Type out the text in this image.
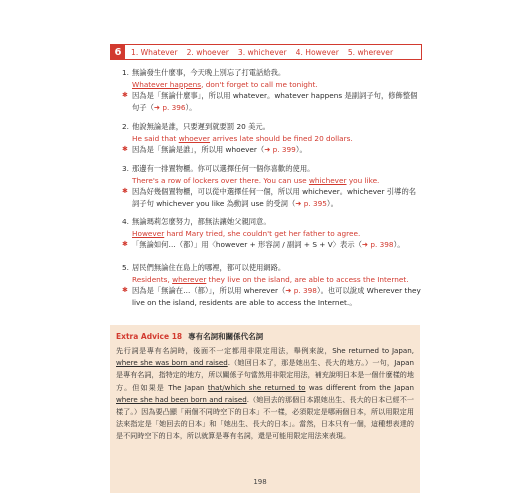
6	1. Whatever 2. whoever 3. whichever 4. However 5. wherever
1. 無論發生什麼事，今天晚上別忘了打電話給我。
Whatever happens, don't forget to call me tonight.
✱ 因為是「無論什麼事」，所以用 whatever。whatever happens 是副詞子句，修飾整個句子（➜ p. 396）。
2. 他說無論是誰，只要遲到就要罰 20 美元。
He said that whoever arrives late should be fined 20 dollars.
✱ 因為是「無論是誰」，所以用 whoever（➜ p. 399）。
3. 那邊有一排置物櫃。你可以選擇任何一個你喜歡的使用。
There's a row of lockers over there. You can use whichever you like.
✱ 因為好幾個置物櫃，可以從中選擇任何一個，所以用 whichever。whichever 引導的名詞子句 whichever you like 為動詞 use 的受詞（➜ p. 395）。
4. 無論瑪莉怎麼努力，都無法讓她父親同意。
However hard Mary tried, she couldn't get her father to agree.
✱ 「無論如何…（都）」用〈however + 形容詞 / 副詞 + S + V〉表示（➜ p. 398）。
5. 居民們無論住在島上的哪裡，都可以使用網路。
Residents, wherever they live on the island, are able to access the Internet.
✱ 因為是「無論在…（都）」，所以用 wherever（➜ p. 398）。也可以說成 Wherever they live on the island, residents are able to access the Internet.。
Extra Advice 18 專有名詞和關係代名詞
先行詞是專有名詞時，後面不一定都用非限定用法，舉例來說，She returned to Japan, where she was born and raised.（她回日本了，那是她出生、長大的地方。）一句，Japan 是專有名詞，指特定的地方，所以關係子句當然用非限定用法，補充說明日本是一個什麼樣的地方。但如果是 The Japan that/which she returned to was different from the Japan where she had been born and raised.（她回去的那個日本跟她出生、長大的日本已經不一樣了。）因為要凸顯「兩個不同時空下的日本」不一樣，必須限定是哪兩個日本，所以用限定用法來指定是「她回去的日本」和「她出生、長大的日本」。當然，日本只有一個，這種想表達的是不同時空下的日本，所以就算是專有名詞，還是可能用限定用法來表現。
198
